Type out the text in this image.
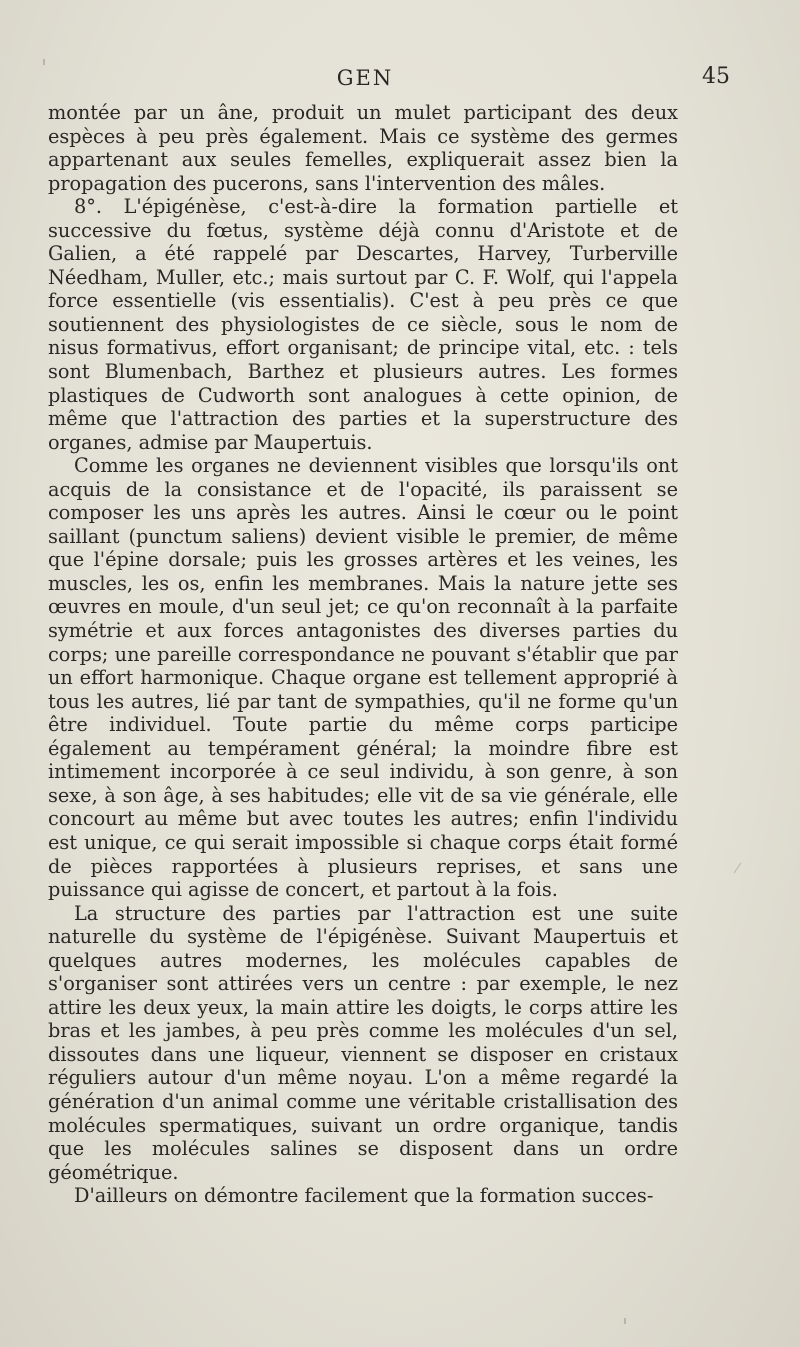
GEN	45

montée par un âne, produit un mulet participant des deux espèces à peu près également. Mais ce système des germes appartenant aux seules femelles, expliquerait assez bien la propagation des pucerons, sans l'intervention des mâles.

8°. L'épigénèse, c'est-à-dire la formation partielle et successive du fœtus, système déjà connu d'Aristote et de Galien, a été rappelé par Descartes, Harvey, Turberville Néedham, Muller, etc.; mais surtout par C. F. Wolf, qui l'appela force essentielle (vis essentialis). C'est à peu près ce que soutiennent des physiologistes de ce siècle, sous le nom de nisus formativus, effort organisant; de principe vital, etc. : tels sont Blumenbach, Barthez et plusieurs autres. Les formes plastiques de Cudworth sont analogues à cette opinion, de même que l'attraction des parties et la superstructure des organes, admise par Maupertuis.

Comme les organes ne deviennent visibles que lorsqu'ils ont acquis de la consistance et de l'opacité, ils paraissent se composer les uns après les autres. Ainsi le cœur ou le point saillant (punctum saliens) devient visible le premier, de même que l'épine dorsale; puis les grosses artères et les veines, les muscles, les os, enfin les membranes. Mais la nature jette ses œuvres en moule, d'un seul jet; ce qu'on reconnaît à la parfaite symétrie et aux forces antagonistes des diverses parties du corps; une pareille correspondance ne pouvant s'établir que par un effort harmonique. Chaque organe est tellement approprié à tous les autres, lié par tant de sympathies, qu'il ne forme qu'un être individuel. Toute partie du même corps participe également au tempérament général; la moindre fibre est intimement incorporée à ce seul individu, à son genre, à son sexe, à son âge, à ses habitudes; elle vit de sa vie générale, elle concourt au même but avec toutes les autres; enfin l'individu est unique, ce qui serait impossible si chaque corps était formé de pièces rapportées à plusieurs reprises, et sans une puissance qui agisse de concert, et partout à la fois.

La structure des parties par l'attraction est une suite naturelle du système de l'épigénèse. Suivant Maupertuis et quelques autres modernes, les molécules capables de s'organiser sont attirées vers un centre : par exemple, le nez attire les deux yeux, la main attire les doigts, le corps attire les bras et les jambes, à peu près comme les molécules d'un sel, dissoutes dans une liqueur, viennent se disposer en cristaux réguliers autour d'un même noyau. L'on a même regardé la génération d'un animal comme une véritable cristallisation des molécules spermatiques, suivant un ordre organique, tandis que les molécules salines se disposent dans un ordre géométrique.

D'ailleurs on démontre facilement que la formation succes-
